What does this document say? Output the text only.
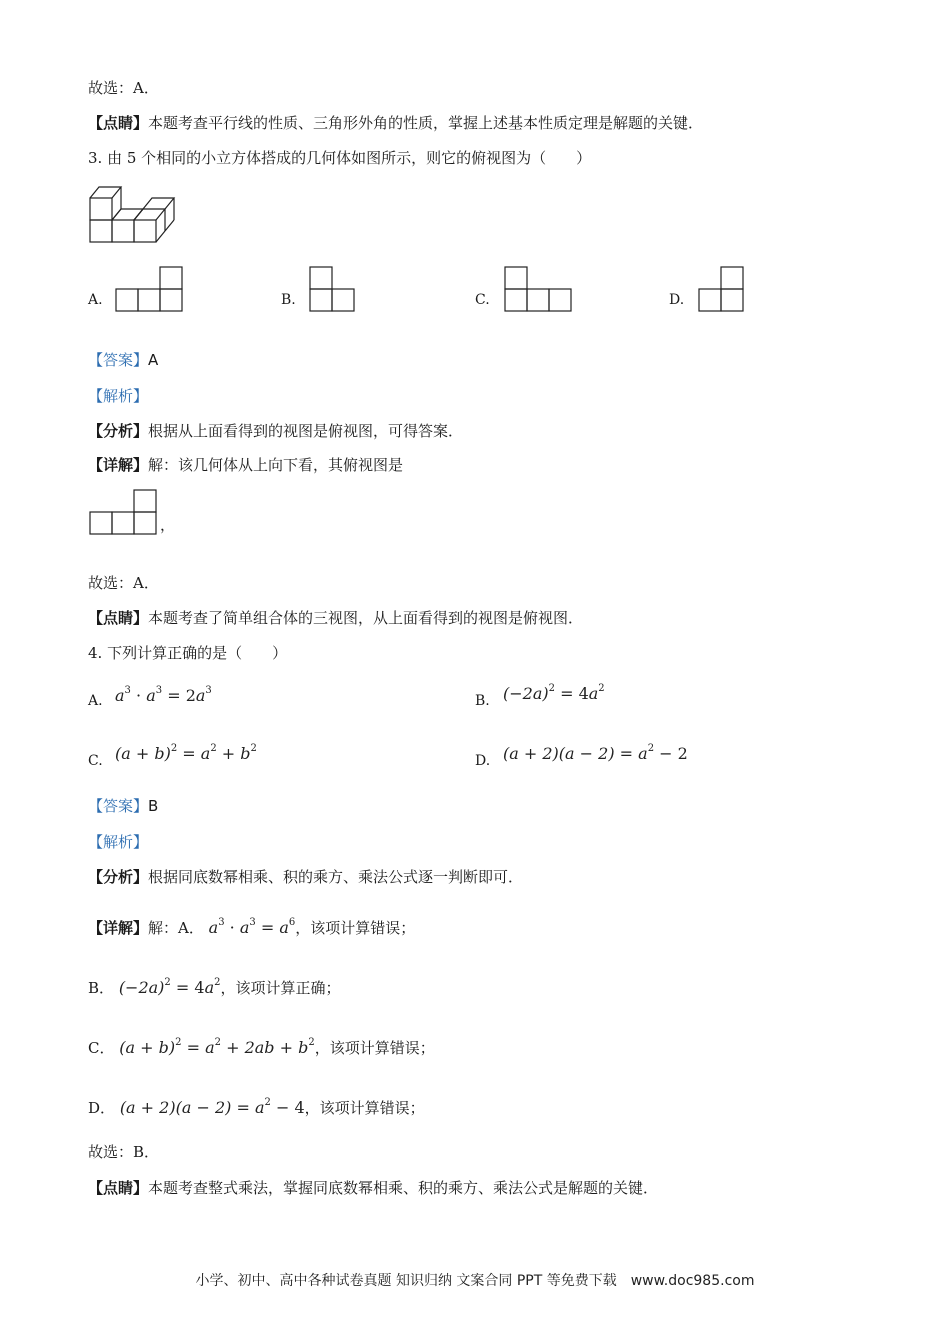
故选：A．
【点睛】本题考查平行线的性质、三角形外角的性质，掌握上述基本性质定理是解题的关键．
3. 由 5 个相同的小立方体搭成的几何体如图所示，则它的俯视图为（　　）
A.	B.	C.	D.
【答案】A
【解析】
【分析】根据从上面看得到的视图是俯视图，可得答案．
【详解】解：该几何体从上向下看，其俯视图是
，
故选：A．
【点睛】本题考查了简单组合体的三视图，从上面看得到的视图是俯视图．
4. 下列计算正确的是（　　）
A. $a^3 \cdot a^3 = 2a^3$
B. $(-2a)^2 = 4a^2$
C. $(a + b)^2 = a^2 + b^2$
D. $(a + 2)(a - 2) = a^2 - 2$
【答案】B
【解析】
【分析】根据同底数幂相乘、积的乘方、乘法公式逐一判断即可．
【详解】解：A． $a^3 \cdot a^3 = a^6$，该项计算错误；
B． $(-2a)^2 = 4a^2$，该项计算正确；
C． $(a + b)^2 = a^2 + 2ab + b^2$，该项计算错误；
D． $(a + 2)(a - 2) = a^2 - 4$，该项计算错误；
故选：B．
【点睛】本题考查整式乘法，掌握同底数幂相乘、积的乘方、乘法公式是解题的关键．
小学、初中、高中各种试卷真题 知识归纳 文案合同 PPT 等免费下载　www.doc985.com
